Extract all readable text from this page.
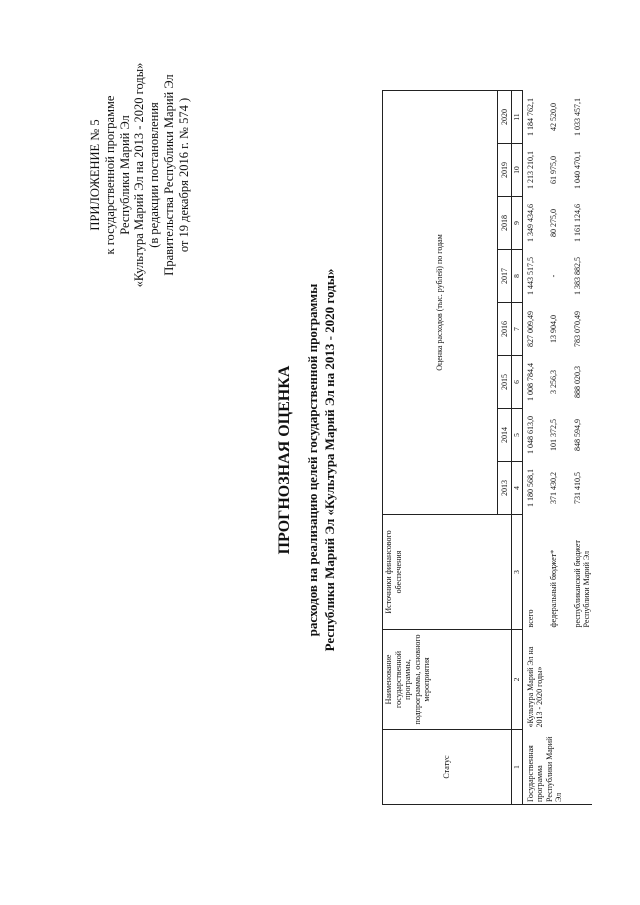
ПРИЛОЖЕНИЕ № 5 к государственной программе Республики Марий Эл «Культура Марий Эл на 2013 - 2020 годы» (в редакции постановления Правительства Республики Марий Эл от 19 декабря 2016 г. № 574 )
ПРОГНОЗНАЯ ОЦЕНКА расходов на реализацию целей государственной программы Республики Марий Эл «Культура Марий Эл на 2013 - 2020 годы»
Статус	Наименование государственной программы, подпрограммы, основного мероприятия	Источники финансового обеспечения	Оценка расходов (тыс. рублей) по годам							
			2013	2014	2015	2016	2017	2018	2019	2020
1	2	3	4	5	6	7	8	9	10	11
Государственная программа Республики Марий Эл	«Культура Марий Эл на 2013 - 2020 годы»	всего	1 180 568,1	1 048 613,0	1 008 784,4	827 009,49	1 443 517,5	1 349 434,6	1 213 210,1	1 184 762,1
		федеральный бюджет*	371 430,2	101 372,5	3 256,3	13 904,0	-	80 275,0	61 975,0	42 520,0
		республиканский бюджет Республики Марий Эл	731 410,5	848 594,9	888 020,3	783 070,49	1 383 882,5	1 161 124,6	1 040 470,1	1 033 457,1
